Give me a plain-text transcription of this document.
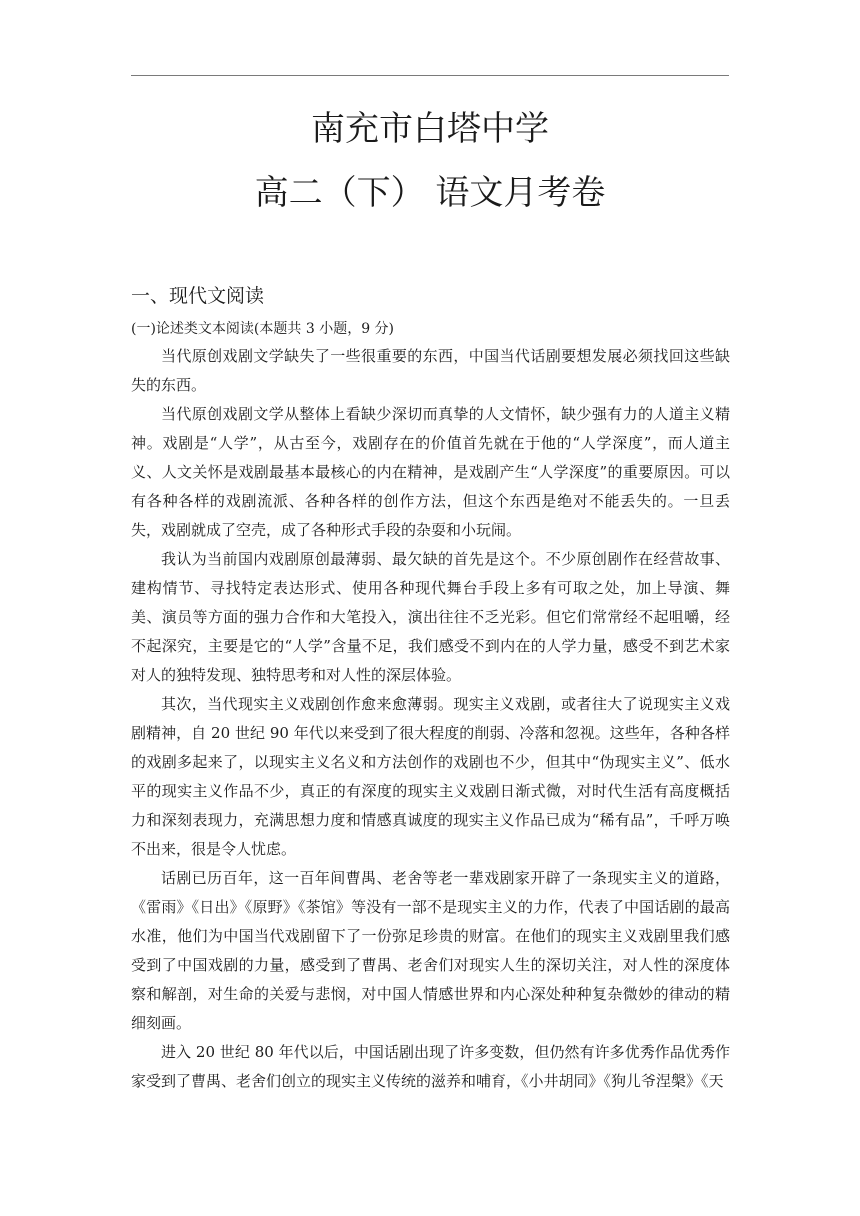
南充市白塔中学
高二（下） 语文月考卷
一、现代文阅读
(一)论述类文本阅读(本题共 3 小题，9 分)

当代原创戏剧文学缺失了一些很重要的东西，中国当代话剧要想发展必须找回这些缺失的东西。

当代原创戏剧文学从整体上看缺少深切而真挚的人文情怀，缺少强有力的人道主义精神。戏剧是“人学”，从古至今，戏剧存在的价值首先就在于他的“人学深度”，而人道主义、人文关怀是戏剧最基本最核心的内在精神，是戏剧产生“人学深度”的重要原因。可以有各种各样的戏剧流派、各种各样的创作方法，但这个东西是绝对不能丢失的。一旦丢失，戏剧就成了空壳，成了各种形式手段的杂耍和小玩闹。

我认为当前国内戏剧原创最薄弱、最欠缺的首先是这个。不少原创剧作在经营故事、建构情节、寻找特定表达形式、使用各种现代舞台手段上多有可取之处，加上导演、舞美、演员等方面的强力合作和大笔投入，演出往往不乏光彩。但它们常常经不起咀嚼，经不起深究，主要是它的“人学”含量不足，我们感受不到内在的人学力量，感受不到艺术家对人的独特发现、独特思考和对人性的深层体验。

其次，当代现实主义戏剧创作愈来愈薄弱。现实主义戏剧，或者往大了说现实主义戏剧精神，自 20 世纪 90 年代以来受到了很大程度的削弱、冷落和忽视。这些年，各种各样的戏剧多起来了，以现实主义名义和方法创作的戏剧也不少，但其中“伪现实主义”、低水平的现实主义作品不少，真正的有深度的现实主义戏剧日渐式微，对时代生活有高度概括力和深刻表现力，充满思想力度和情感真诚度的现实主义作品已成为“稀有品”，千呼万唤不出来，很是令人忧虑。

话剧已历百年，这一百年间曹禺、老舍等老一辈戏剧家开辟了一条现实主义的道路，《雷雨》《日出》《原野》《茶馆》等没有一部不是现实主义的力作，代表了中国话剧的最高水准，他们为中国当代戏剧留下了一份弥足珍贵的财富。在他们的现实主义戏剧里我们感受到了中国戏剧的力量，感受到了曹禺、老舍们对现实人生的深切关注，对人性的深度体察和解剖，对生命的关爱与悲悯，对中国人情感世界和内心深处种种复杂微妙的律动的精细刻画。

进入 20 世纪 80 年代以后，中国话剧出现了许多变数，但仍然有许多优秀作品优秀作家受到了曹禺、老舍们创立的现实主义传统的滋养和哺育，《小井胡同》《狗儿爷涅槃》《天
